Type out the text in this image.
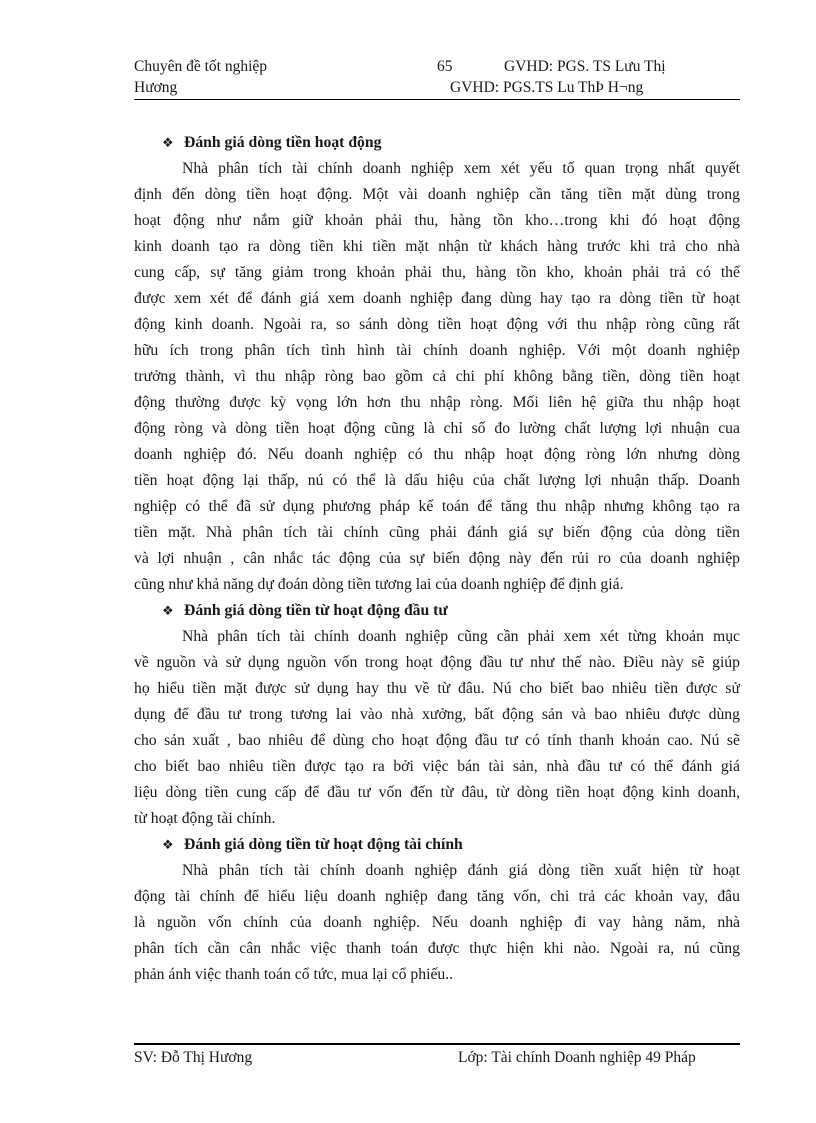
Chuyên đề tốt nghiệp	65	GVHD: PGS. TS Lưu Thị
Hương	GVHD: PGS.TS Lu ThÞ H¬ng
❖ Đánh giá dòng tiền hoạt động
Nhà phân tích tài chính doanh nghiệp xem xét yếu tố quan trọng nhất quyết
định đến dòng tiền hoạt động. Một vài doanh nghiệp cần tăng tiền mặt dùng trong
hoạt động như nắm giữ khoản phải thu, hàng tồn kho…trong khi đó hoạt động
kinh doanh tạo ra dòng tiền khi tiền mặt nhận từ khách hàng trước khi trả cho nhà
cung cấp, sự tăng giảm trong khoản phải thu, hàng tồn kho, khoản phải trả có thể
được xem xét để đánh giá xem doanh nghiệp đang dùng hay tạo ra dòng tiền từ hoạt
động kinh doanh. Ngoài ra, so sánh dòng tiền hoạt động với thu nhập ròng cũng rất
hữu ích trong phân tích tình hình tài chính doanh nghiệp. Với một doanh nghiệp
trưởng thành, vì thu nhập ròng bao gồm cả chi phí không bằng tiền, dòng tiền hoạt
động thường được kỳ vọng lớn hơn thu nhập ròng. Mối liên hệ giữa thu nhập hoạt
động ròng và dòng tiền hoạt động cũng là chỉ số đo lường chất lượng lợi nhuận cua
doanh nghiệp đó. Nếu doanh nghiệp có thu nhập hoạt động ròng lớn nhưng dòng
tiền hoạt động lại thấp, nú có thể là dấu hiệu của chất lượng lợi nhuận thấp. Doanh
nghiệp có thể đã sử dụng phương pháp kế toán để tăng thu nhập nhưng không tạo ra
tiền mặt. Nhà phân tích tài chính cũng phải đánh giá sự biến động của dòng tiền
và lợi nhuận , cân nhắc tác động của sự biến động này đến rủi ro của doanh nghiệp
cũng như khả năng dự đoán dòng tiền tương lai của doanh nghiệp để định giá.
❖ Đánh giá dòng tiền từ hoạt động đầu tư
Nhà phân tích tài chính doanh nghiệp cũng cần phải xem xét từng khoản mục
về nguồn và sử dụng nguồn vốn trong hoạt động đầu tư như thế nào. Điều này sẽ giúp
họ hiểu tiền mặt được sử dụng hay thu về từ đâu. Nú cho biết bao nhiêu tiền được sử
dụng để đầu tư trong tương lai vào nhà xưởng, bất động sản và bao nhiêu được dùng
cho sản xuất , bao nhiêu để dùng cho hoạt động đầu tư có tính thanh khoản cao. Nú sẽ
cho biết bao nhiêu tiền được tạo ra bởi việc bán tài sản, nhà đầu tư có thể đánh giá
liệu dòng tiền cung cấp để đầu tư vốn đến từ đâu, từ dòng tiền hoạt động kinh doanh,
từ hoạt động tài chính.
❖ Đánh giá dòng tiền từ hoạt động tài chính
Nhà phân tích tài chính doanh nghiệp đánh giá dòng tiền xuất hiện từ hoạt
động tài chính để hiểu liệu doanh nghiệp đang tăng vốn, chi trả các khoản vay, đâu
là nguồn vốn chính của doanh nghiệp. Nếu doanh nghiệp đi vay hàng năm, nhà
phân tích cần cân nhắc việc thanh toán được thực hiện khi nào. Ngoài ra, nú cũng
phản ánh việc thanh toán cổ tức, mua lại cổ phiếu..
SV: Đỗ Thị Hương	Lớp: Tài chính Doanh nghiệp 49 Pháp
